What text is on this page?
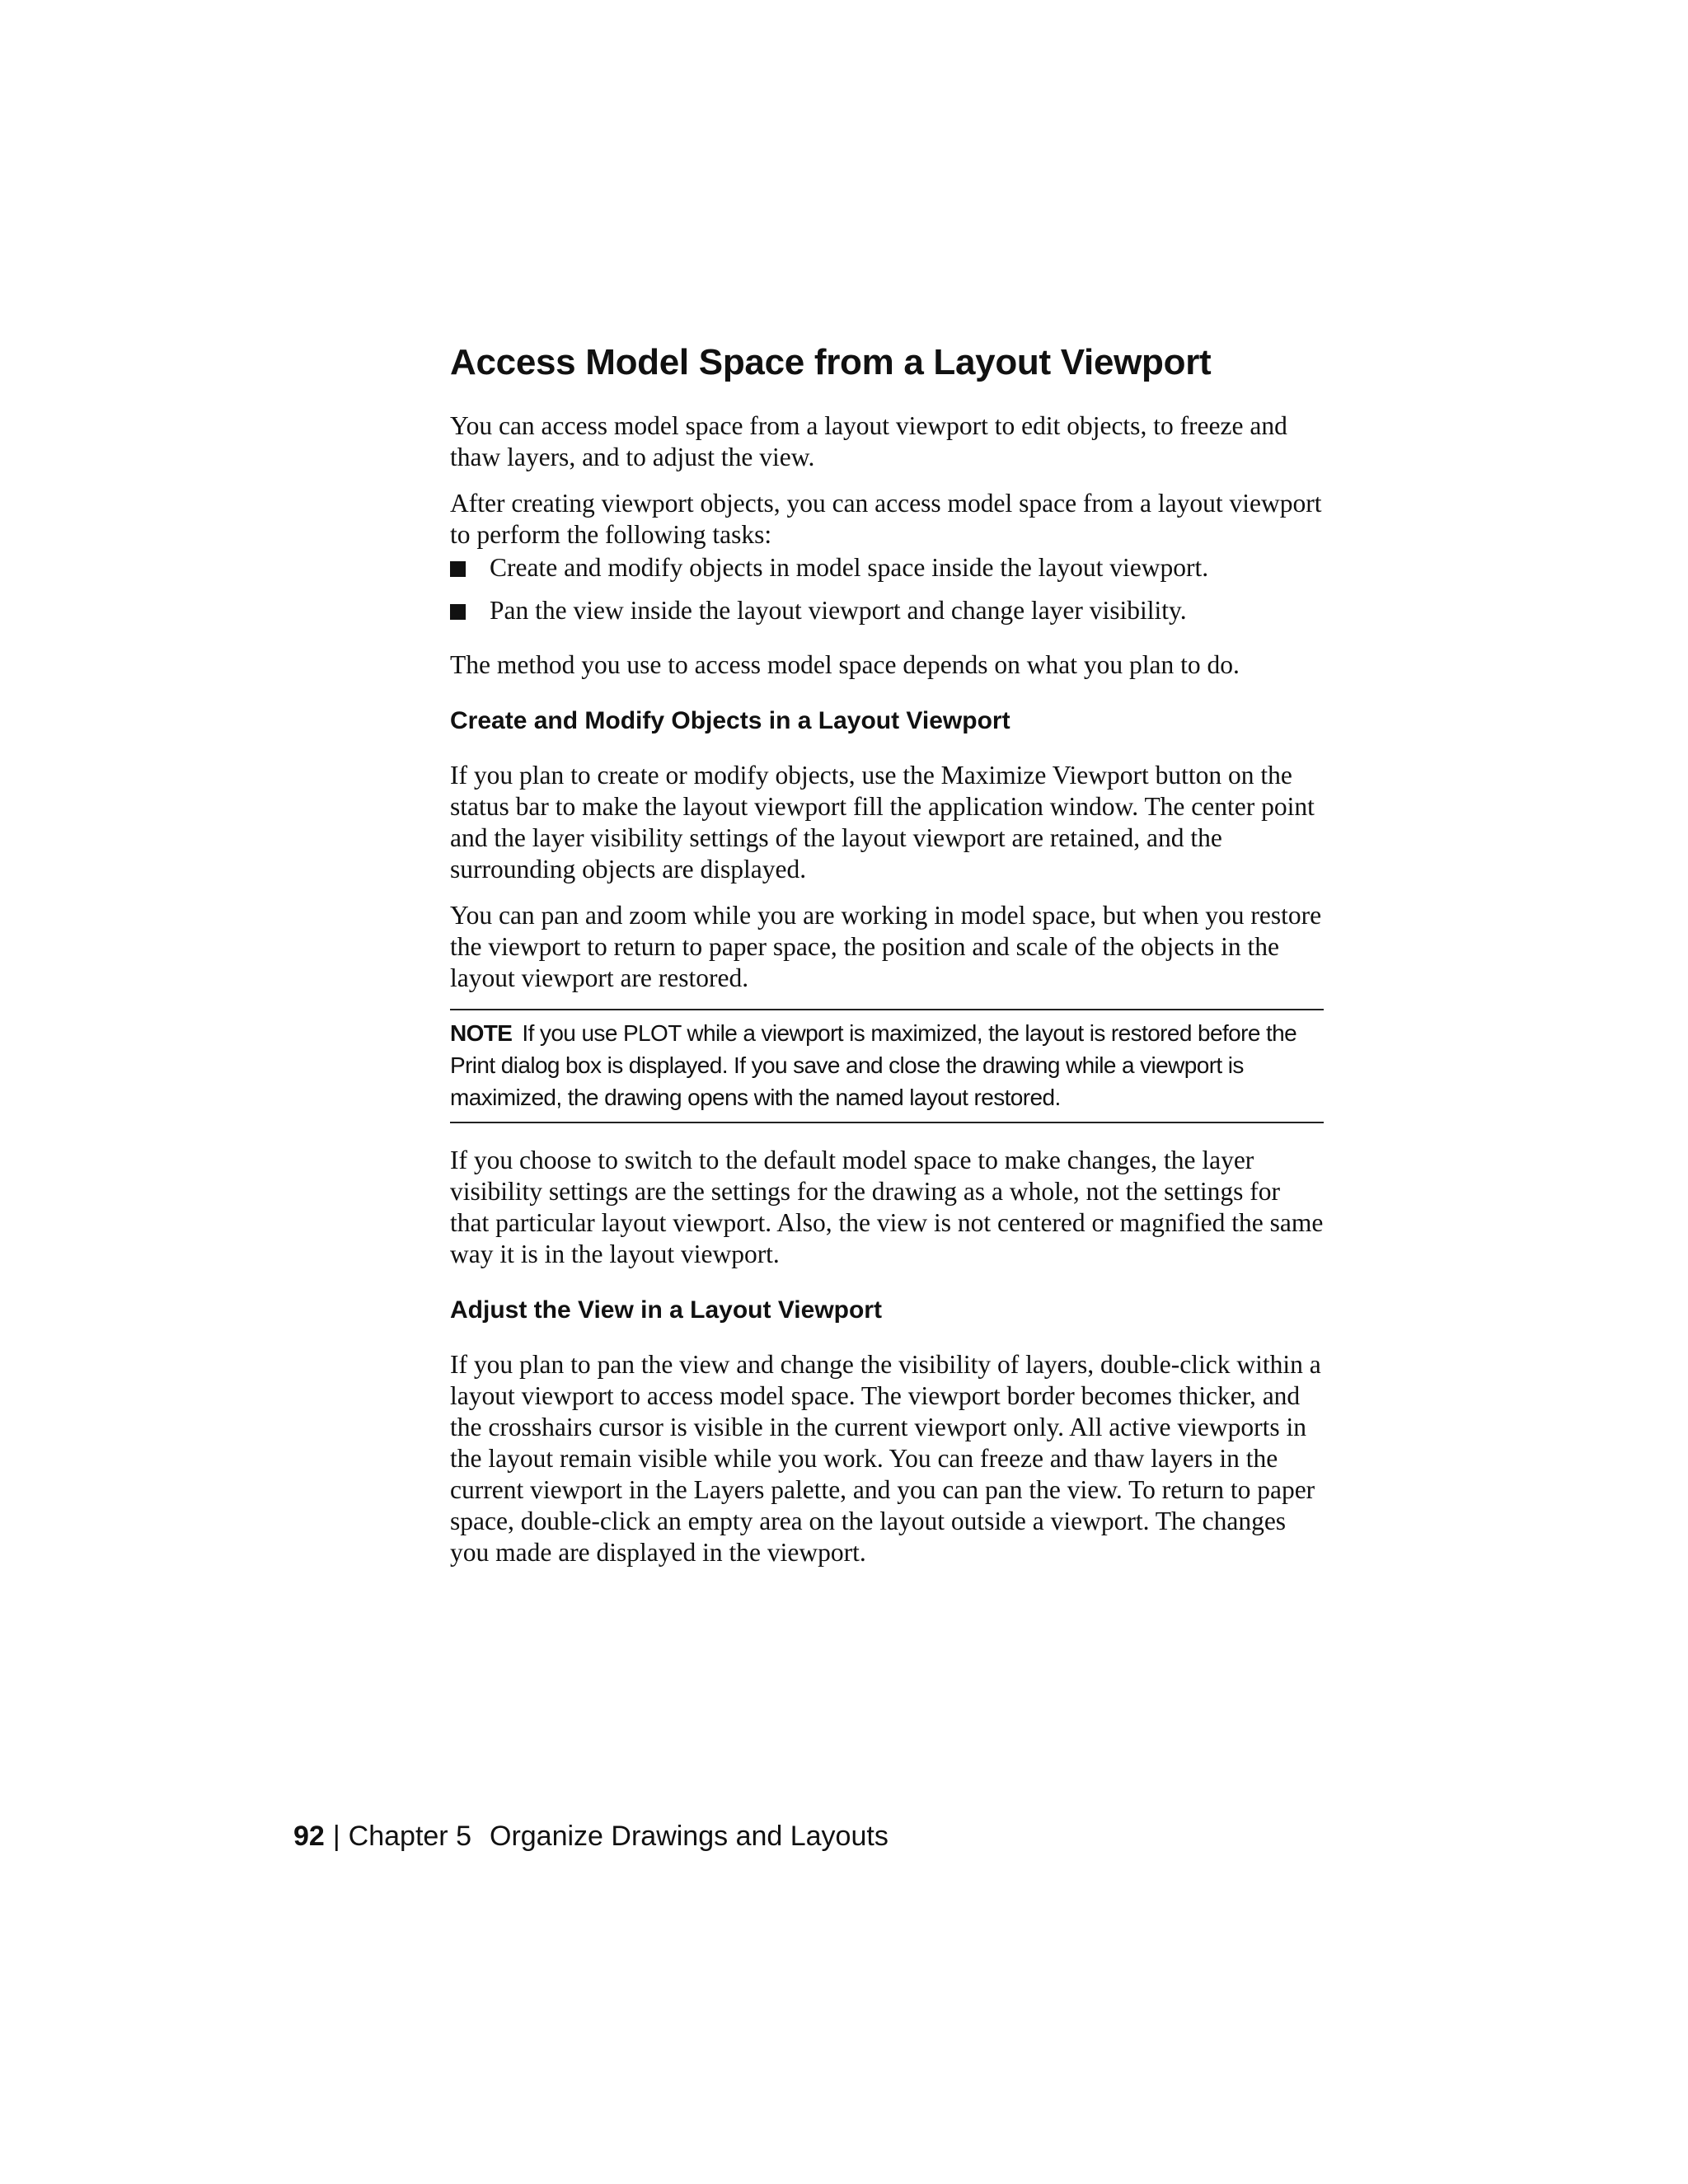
Access Model Space from a Layout Viewport

You can access model space from a layout viewport to edit objects, to freeze and thaw layers, and to adjust the view.

After creating viewport objects, you can access model space from a layout viewport to perform the following tasks:

Create and modify objects in model space inside the layout viewport.
Pan the view inside the layout viewport and change layer visibility.

The method you use to access model space depends on what you plan to do.

Create and Modify Objects in a Layout Viewport

If you plan to create or modify objects, use the Maximize Viewport button on the status bar to make the layout viewport fill the application window. The center point and the layer visibility settings of the layout viewport are retained, and the surrounding objects are displayed.

You can pan and zoom while you are working in model space, but when you restore the viewport to return to paper space, the position and scale of the objects in the layout viewport are restored.

NOTE If you use PLOT while a viewport is maximized, the layout is restored before the Print dialog box is displayed. If you save and close the drawing while a viewport is maximized, the drawing opens with the named layout restored.

If you choose to switch to the default model space to make changes, the layer visibility settings are the settings for the drawing as a whole, not the settings for that particular layout viewport. Also, the view is not centered or magnified the same way it is in the layout viewport.

Adjust the View in a Layout Viewport

If you plan to pan the view and change the visibility of layers, double-click within a layout viewport to access model space. The viewport border becomes thicker, and the crosshairs cursor is visible in the current viewport only. All active viewports in the layout remain visible while you work. You can freeze and thaw layers in the current viewport in the Layers palette, and you can pan the view. To return to paper space, double-click an empty area on the layout outside a viewport. The changes you made are displayed in the viewport.

92 | Chapter 5 Organize Drawings and Layouts
